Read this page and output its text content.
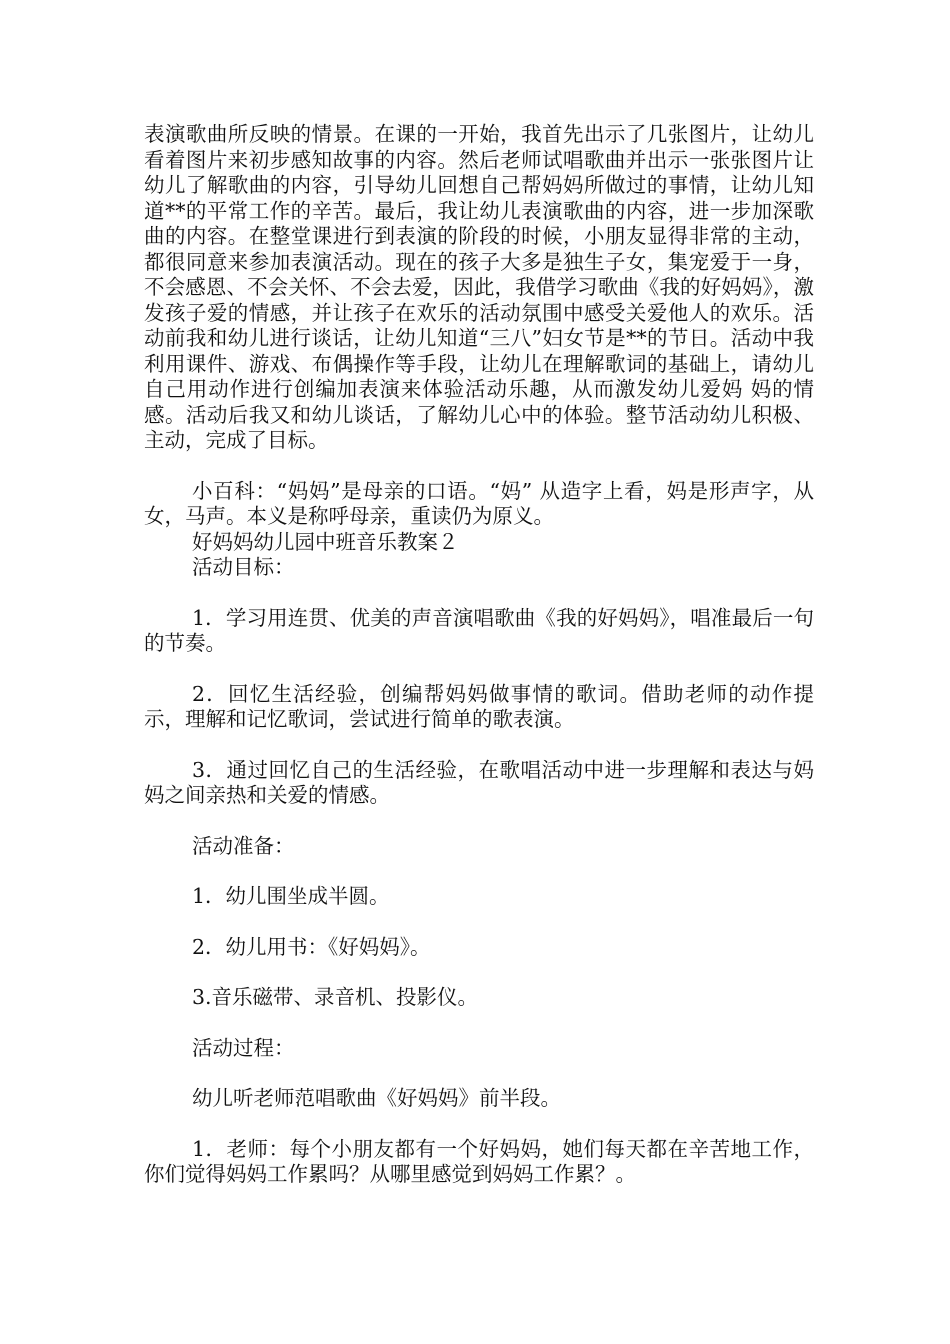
表演歌曲所反映的情景。在课的一开始，我首先出示了几张图片，让幼儿看着图片来初步感知故事的内容。然后老师试唱歌曲并出示一张张图片让幼儿了解歌曲的内容，引导幼儿回想自己帮妈妈所做过的事情，让幼儿知道**的平常工作的辛苦。最后，我让幼儿表演歌曲的内容，进一步加深歌曲的内容。在整堂课进行到表演的阶段的时候，小朋友显得非常的主动，都很同意来参加表演活动。现在的孩子大多是独生子女，集宠爱于一身，不会感恩、不会关怀、不会去爱，因此，我借学习歌曲《我的好妈妈》，激发孩子爱的情感，并让孩子在欢乐的活动氛围中感受关爱他人的欢乐。活动前我和幼儿进行谈话，让幼儿知道“三八”妇女节是**的节日。活动中我利用课件、游戏、布偶操作等手段，让幼儿在理解歌词的基础上，请幼儿自己用动作进行创编加表演来体验活动乐趣，从而激发幼儿爱妈 妈的情感。活动后我又和幼儿谈话，了解幼儿心中的体验。整节活动幼儿积极、主动，完成了目标。

小百科：“妈妈”是母亲的口语。“妈” 从造字上看，妈是形声字，从女，马声。本义是称呼母亲，重读仍为原义。

好妈妈幼儿园中班音乐教案２

活动目标：

1．学习用连贯、优美的声音演唱歌曲《我的好妈妈》，唱准最后一句的节奏。

2．回忆生活经验，创编帮妈妈做事情的歌词。借助老师的动作提示，理解和记忆歌词，尝试进行简单的歌表演。

3．通过回忆自己的生活经验，在歌唱活动中进一步理解和表达与妈妈之间亲热和关爱的情感。

活动准备：

1．幼儿围坐成半圆。

2．幼儿用书：《好妈妈》。

3.音乐磁带、录音机、投影仪。

活动过程：

幼儿听老师范唱歌曲《好妈妈》前半段。

1．老师：每个小朋友都有一个好妈妈，她们每天都在辛苦地工作，你们觉得妈妈工作累吗？从哪里感觉到妈妈工作累？。
